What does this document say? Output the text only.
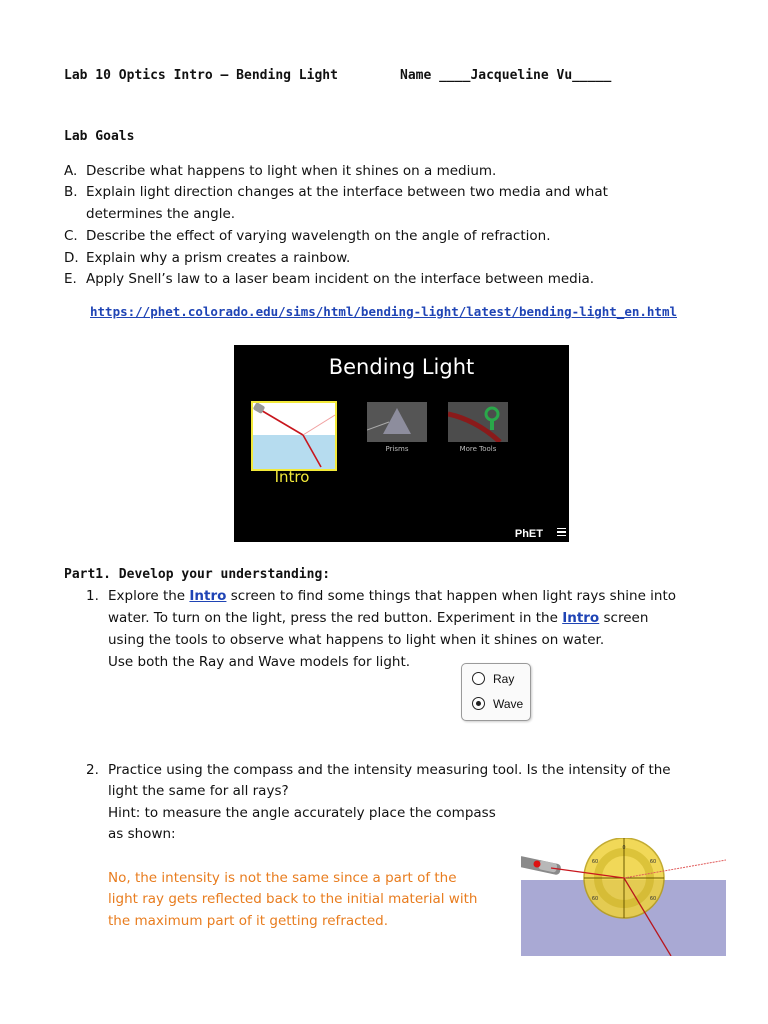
Lab 10 Optics Intro – Bending Light	Name ____Jacqueline Vu_____
Lab Goals
A. Describe what happens to light when it shines on a medium.
B. Explain light direction changes at the interface between two media and what determines the angle.
C. Describe the effect of varying wavelength on the angle of refraction.
D. Explain why a prism creates a rainbow.
E. Apply Snell’s law to a laser beam incident on the interface between media.
https://phet.colorado.edu/sims/html/bending-light/latest/bending-light_en.html
Bending Light
Intro
Prisms	More Tools
PhET
Part1. Develop your understanding:
1. Explore the Intro screen to find some things that happen when light rays shine into
water. To turn on the light, press the red button. Experiment in the Intro screen
using the tools to observe what happens to light when it shines on water.
Use both the Ray and Wave models for light.
Ray
Wave
2. Practice using the compass and the intensity measuring tool. Is the intensity of the
light the same for all rays?
Hint: to measure the angle accurately place the compass
as shown:
No, the intensity is not the same since a part of the
light ray gets reflected back to the initial material with
the maximum part of it getting refracted.
0
60
60
60
60
